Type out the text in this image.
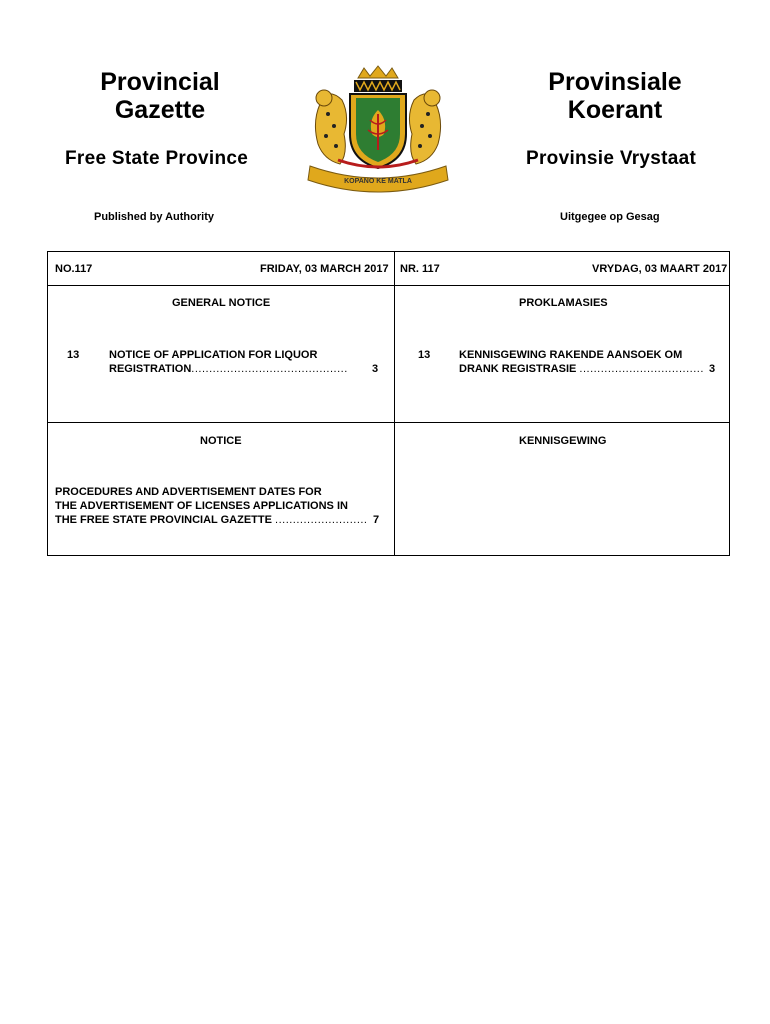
Provincial
Gazette
Provinsiale
Koerant
Free State Province	Provinsie Vrystaat
KOPANO KE MATLA
Published by Authority	Uitgegee op Gesag
NO.117	FRIDAY, 03 MARCH 2017 NR. 117	VRYDAG, 03 MAART 2017
GENERAL NOTICE	PROKLAMASIES
13	NOTICE OF APPLICATION FOR LIQUOR
REGISTRATION............................................ 3
13	KENNISGEWING RAKENDE AANSOEK OM
DRANK REGISTRASIE ................................... 3
NOTICE	KENNISGEWING
PROCEDURES AND ADVERTISEMENT DATES FOR
THE ADVERTISEMENT OF LICENSES APPLICATIONS IN
THE FREE STATE PROVINCIAL GAZETTE .......................... 7
